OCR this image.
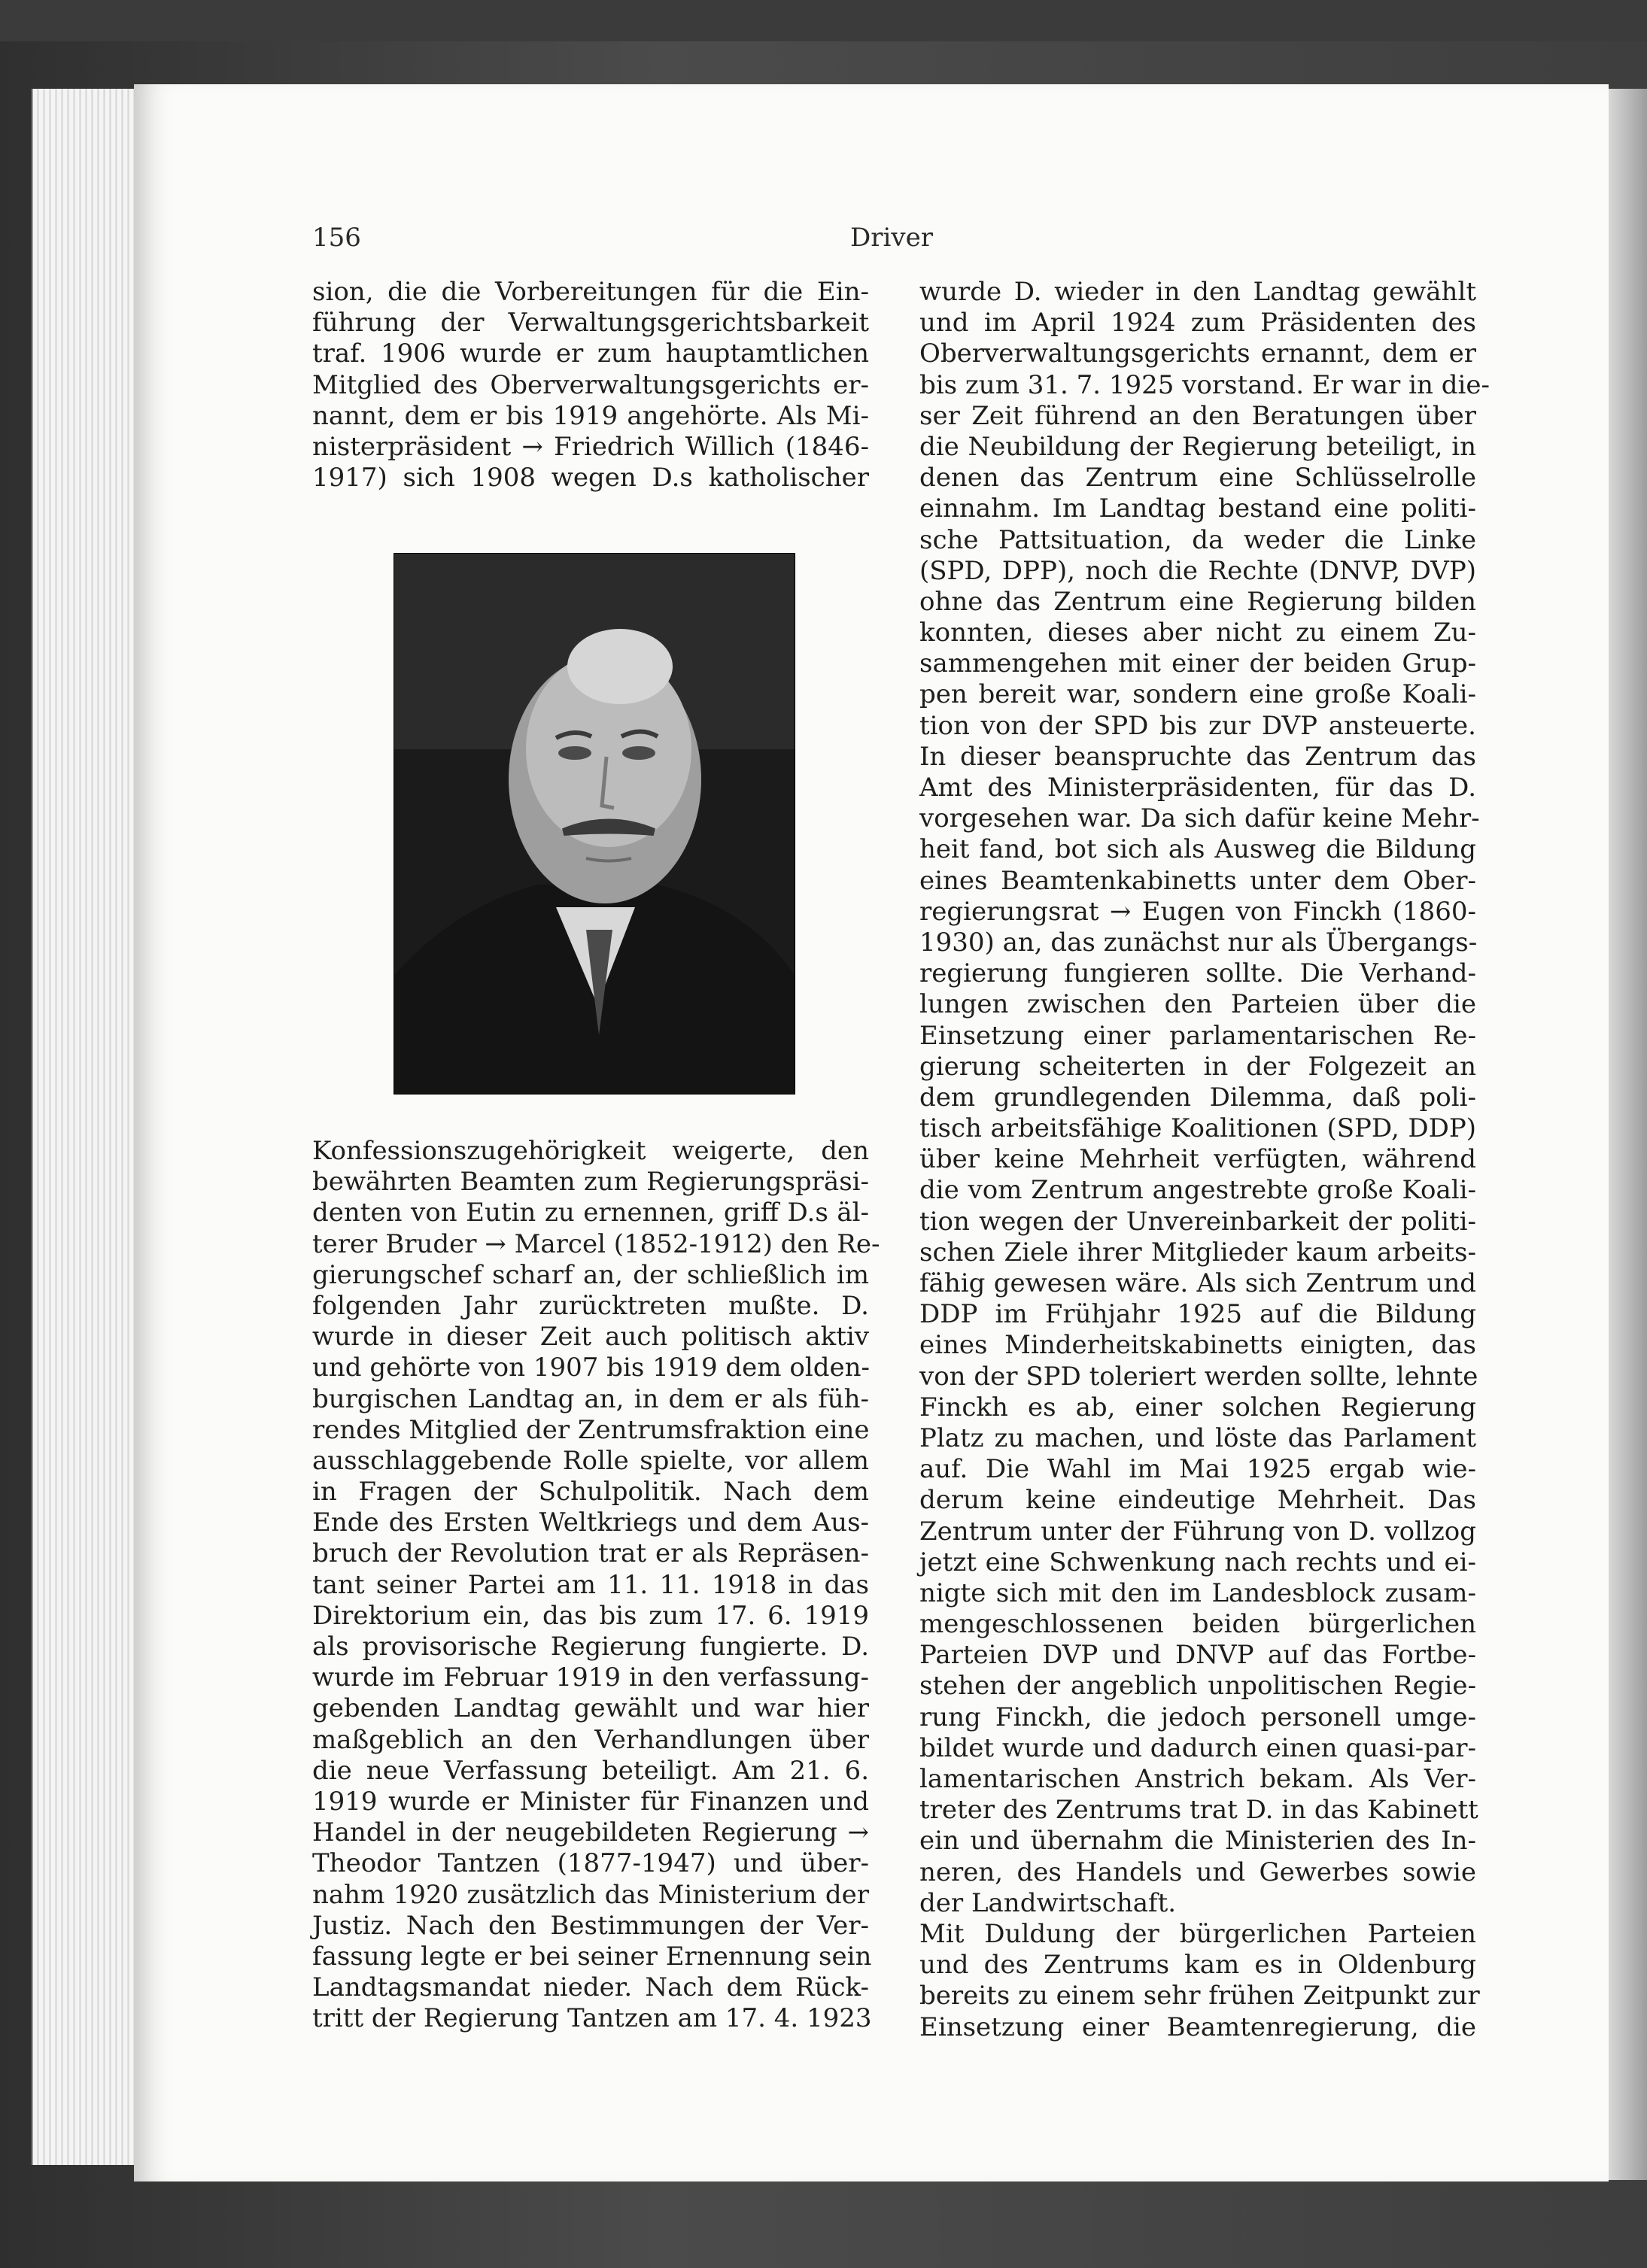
156	Driver
sion, die die Vorbereitungen für die Ein-
führung der Verwaltungsgerichtsbarkeit
traf. 1906 wurde er zum hauptamtlichen
Mitglied des Oberverwaltungsgerichts er-
nannt, dem er bis 1919 angehörte. Als Mi-
nisterpräsident → Friedrich Willich (1846-
1917) sich 1908 wegen D.s katholischer
Konfessionszugehörigkeit weigerte, den
bewährten Beamten zum Regierungspräsi-
denten von Eutin zu ernennen, griff D.s äl-
terer Bruder → Marcel (1852-1912) den Re-
gierungschef scharf an, der schließlich im
folgenden Jahr zurücktreten mußte. D.
wurde in dieser Zeit auch politisch aktiv
und gehörte von 1907 bis 1919 dem olden-
burgischen Landtag an, in dem er als füh-
rendes Mitglied der Zentrumsfraktion eine
ausschlaggebende Rolle spielte, vor allem
in Fragen der Schulpolitik. Nach dem
Ende des Ersten Weltkriegs und dem Aus-
bruch der Revolution trat er als Repräsen-
tant seiner Partei am 11. 11. 1918 in das
Direktorium ein, das bis zum 17. 6. 1919
als provisorische Regierung fungierte. D.
wurde im Februar 1919 in den verfassung-
gebenden Landtag gewählt und war hier
maßgeblich an den Verhandlungen über
die neue Verfassung beteiligt. Am 21. 6.
1919 wurde er Minister für Finanzen und
Handel in der neugebildeten Regierung →
Theodor Tantzen (1877-1947) und über-
nahm 1920 zusätzlich das Ministerium der
Justiz. Nach den Bestimmungen der Ver-
fassung legte er bei seiner Ernennung sein
Landtagsmandat nieder. Nach dem Rück-
tritt der Regierung Tantzen am 17. 4. 1923
wurde D. wieder in den Landtag gewählt
und im April 1924 zum Präsidenten des
Oberverwaltungsgerichts ernannt, dem er
bis zum 31. 7. 1925 vorstand. Er war in die-
ser Zeit führend an den Beratungen über
die Neubildung der Regierung beteiligt, in
denen das Zentrum eine Schlüsselrolle
einnahm. Im Landtag bestand eine politi-
sche Pattsituation, da weder die Linke
(SPD, DPP), noch die Rechte (DNVP, DVP)
ohne das Zentrum eine Regierung bilden
konnten, dieses aber nicht zu einem Zu-
sammengehen mit einer der beiden Grup-
pen bereit war, sondern eine große Koali-
tion von der SPD bis zur DVP ansteuerte.
In dieser beanspruchte das Zentrum das
Amt des Ministerpräsidenten, für das D.
vorgesehen war. Da sich dafür keine Mehr-
heit fand, bot sich als Ausweg die Bildung
eines Beamtenkabinetts unter dem Ober-
regierungsrat → Eugen von Finckh (1860-
1930) an, das zunächst nur als Übergangs-
regierung fungieren sollte. Die Verhand-
lungen zwischen den Parteien über die
Einsetzung einer parlamentarischen Re-
gierung scheiterten in der Folgezeit an
dem grundlegenden Dilemma, daß poli-
tisch arbeitsfähige Koalitionen (SPD, DDP)
über keine Mehrheit verfügten, während
die vom Zentrum angestrebte große Koali-
tion wegen der Unvereinbarkeit der politi-
schen Ziele ihrer Mitglieder kaum arbeits-
fähig gewesen wäre. Als sich Zentrum und
DDP im Frühjahr 1925 auf die Bildung
eines Minderheitskabinetts einigten, das
von der SPD toleriert werden sollte, lehnte
Finckh es ab, einer solchen Regierung
Platz zu machen, und löste das Parlament
auf. Die Wahl im Mai 1925 ergab wie-
derum keine eindeutige Mehrheit. Das
Zentrum unter der Führung von D. vollzog
jetzt eine Schwenkung nach rechts und ei-
nigte sich mit den im Landesblock zusam-
mengeschlossenen beiden bürgerlichen
Parteien DVP und DNVP auf das Fortbe-
stehen der angeblich unpolitischen Regie-
rung Finckh, die jedoch personell umge-
bildet wurde und dadurch einen quasi-par-
lamentarischen Anstrich bekam. Als Ver-
treter des Zentrums trat D. in das Kabinett
ein und übernahm die Ministerien des In-
neren, des Handels und Gewerbes sowie
der Landwirtschaft.
Mit Duldung der bürgerlichen Parteien
und des Zentrums kam es in Oldenburg
bereits zu einem sehr frühen Zeitpunkt zur
Einsetzung einer Beamtenregierung, die
